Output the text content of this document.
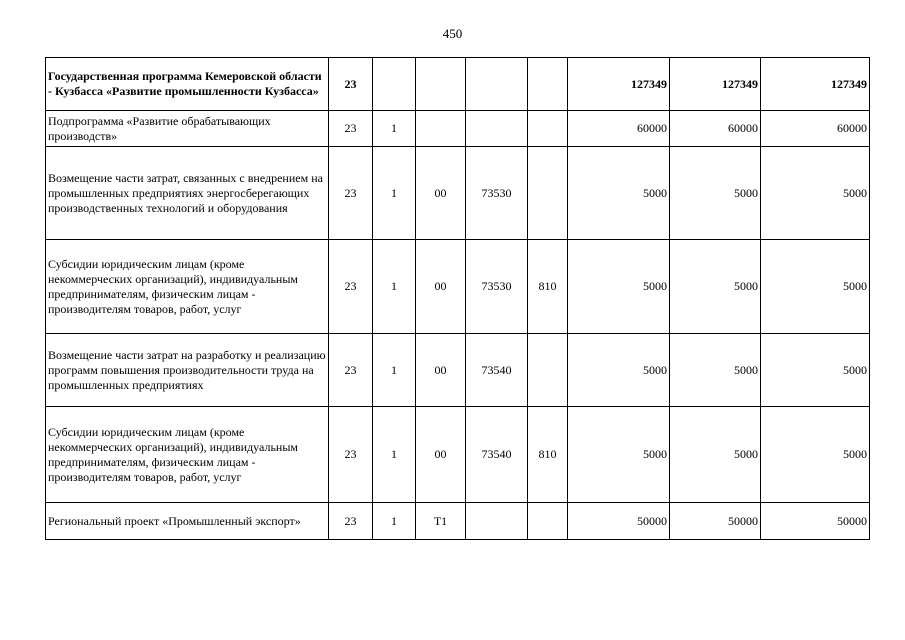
450
Государственная программа Кемеровской области - Кузбасса «Развитие промышленности Кузбасса»	23					127349	127349	127349
Подпрограмма «Развитие обрабатывающих производств»	23	1				60000	60000	60000
Возмещение части затрат, связанных с внедрением на промышленных предприятиях энергосберегающих производственных технологий и оборудования	23	1	00	73530		5000	5000	5000
Субсидии юридическим лицам (кроме некоммерческих организаций), индивидуальным предпринимателям, физическим лицам - производителям товаров, работ, услуг	23	1	00	73530	810	5000	5000	5000
Возмещение части затрат на разработку и реализацию программ повышения производительности труда на промышленных предприятиях	23	1	00	73540		5000	5000	5000
Субсидии юридическим лицам (кроме некоммерческих организаций), индивидуальным предпринимателям, физическим лицам - производителям товаров, работ, услуг	23	1	00	73540	810	5000	5000	5000
Региональный проект «Промышленный экспорт»	23	1	T1			50000	50000	50000
